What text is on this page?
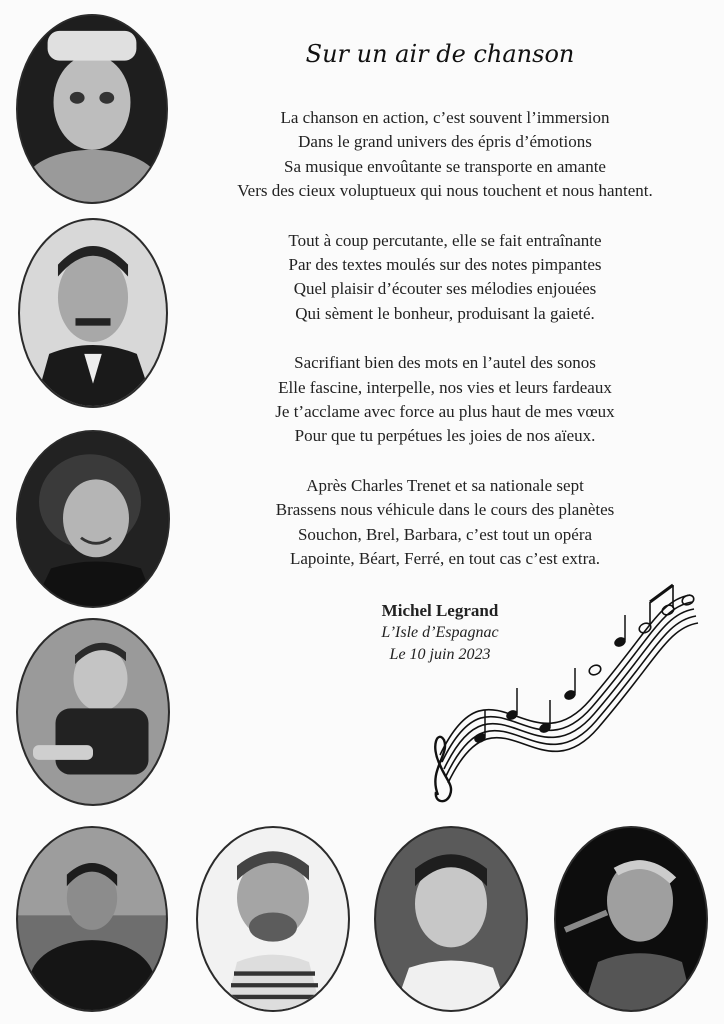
Sur un air de chanson
La chanson en action, c’est souvent l’immersion
Dans le grand univers des épris d’émotions
Sa musique envoûtante se transporte en amante
Vers des cieux voluptueux qui nous touchent et nous hantent.
Tout à coup percutante, elle se fait entraînante
Par des textes moulés sur des notes pimpantes
Quel plaisir d’écouter ses mélodies enjouées
Qui sèment le bonheur, produisant la gaieté.
Sacrifiant bien des mots en l’autel des sonos
Elle fascine, interpelle, nos vies et leurs fardeaux
Je t’acclame avec force au plus haut de mes vœux
Pour que tu perpétues les joies de nos aïeux.
Après Charles Trenet et sa nationale sept
Brassens nous véhicule dans le cours des planètes
Souchon, Brel, Barbara, c’est tout un opéra
Lapointe, Béart, Ferré, en tout cas c’est extra.
Michel Legrand
L’Isle d’Espagnac
Le 10 juin 2023
